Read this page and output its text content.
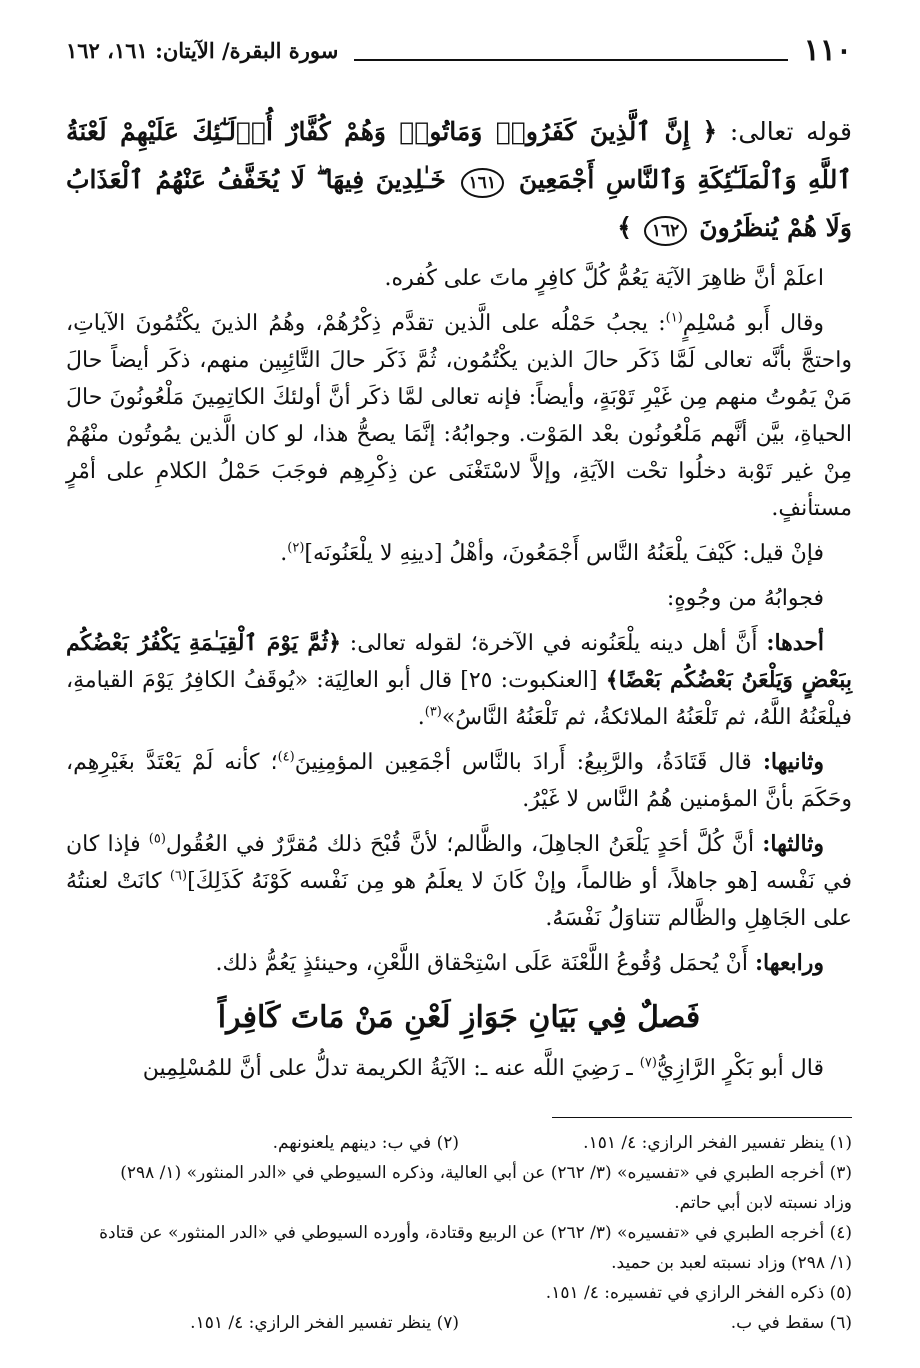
١١٠
سورة البقرة/ الآيتان: ١٦١، ١٦٢
قوله تعالى: ﴿ إِنَّ ٱلَّذِينَ كَفَرُوا۟ وَمَاتُوا۟ وَهُمْ كُفَّارٌ أُو۟لَـٰٓئِكَ عَلَيْهِمْ لَعْنَةُ ٱللَّهِ وَٱلْمَلَـٰٓئِكَةِ وَٱلنَّاسِ أَجْمَعِينَ ١٦١ خَـٰلِدِينَ فِيهَا ۖ لَا يُخَفَّفُ عَنْهُمُ ٱلْعَذَابُ وَلَا هُمْ يُنظَرُونَ ١٦٢ ﴾

اعلَمْ أنَّ ظاهِرَ الآيَة يَعُمُّ كُلَّ كافِرٍ ماتَ على كُفره.

وقال أَبو مُسْلِمٍ$^{(١)}$: يجبُ حَمْلُه على الَّذين تقدَّم ذِكْرُهُمْ، وهُمُ الذينَ يكْتُمُونَ الآياتِ، واحتجَّ بأنَّه تعالى لَمَّا ذَكَر حالَ الذين يكْتُمُون، ثُمَّ ذَكَر حالَ التَّائِبِين منهم، ذكَر أيضاً حالَ مَنْ يَمُوتُ منهم مِن غَيْرِ تَوْبَةٍ، وأيضاً: فإنه تعالى لمَّا ذكَر أنَّ أولئكَ الكاتِمِينَ مَلْعُونُونَ حالَ الحياةِ، بيَّن أنَّهم مَلْعُونُون بعْد المَوْت. وجوابُهُ: إنَّمَا يصحُّ هذا، لو كان الَّذين يمُوتُون منْهُمْ مِنْ غير تَوْبة دخلُوا تحْت الآيَةِ، وإلاَّ لاسْتَغْنَى عن ذِكْرِهِم فوجَبَ حَمْلُ الكلامِ على أمْرٍ مستأنفٍ.

فإنْ قيل: كَيْفَ يلْعَنُهُ النَّاس أَجْمَعُونَ، وأهْلُ [دينِهِ لا يلْعَنُونَه]$^{(٢)}$.

فجوابُهُ من وجُوهٍ:

أحدها: أَنَّ أهل دينه يلْعَنُونه في الآخرة؛ لقوله تعالى: ﴿ثُمَّ يَوْمَ ٱلْقِيَـٰمَةِ يَكْفُرُ بَعْضُكُم بِبَعْضٍ وَيَلْعَنُ بَعْضُكُم بَعْضًا﴾ [العنكبوت: ٢٥] قال أبو العالِيَة: «يُوقَفُ الكافِرُ يَوْمَ القيامةِ، فيلْعَنُهُ اللَّهُ، ثم تَلْعَنُهُ الملائكةُ، ثم تَلْعَنُهُ النَّاسُ»$^{(٣)}$.

وثانيها: قال قَتَادَةُ، والرَّبِيعُ: أَرادَ بالنَّاس أجْمَعِين المؤمِنِينَ$^{(٤)}$؛ كأنه لَمْ يَعْتَدَّ بغَيْرِهِم، وحَكَمَ بأنَّ المؤمنين هُمُ النَّاس لا غَيْرُ.

وثالثها: أنَّ كُلَّ أحَدٍ يَلْعَنُ الجاهِلَ، والظَّالم؛ لأنَّ قُبْحَ ذلك مُقرَّرٌ في العُقُول$^{(٥)}$ فإذا كان في نَفْسه [هو جاهلاً، أو ظالماً، وإنْ كَانَ لا يعلَمُ هو مِن نَفْسه كَوْنَهُ كَذَلِكَ]$^{(٦)}$ كانَتْ لعنتُهُ على الجَاهِلِ والظَّالم تتناوَلُ نَفْسَهُ.

ورابعها: أَنْ يُحمَل وُقُوعُ اللَّعْنَة عَلَى اسْتِحْقاق اللَّعْنِ، وحينئذٍ يَعُمُّ ذلك.

فَصلٌ فِي بَيَانِ جَوَازِ لَعْنِ مَنْ مَاتَ كَافِراً

قال أبو بَكْرٍ الرَّازِيُّ$^{(٧)}$ ـ رَضِيَ اللَّه عنه ـ: الآيَةُ الكريمة تدلُّ على أنَّ للمُسْلِمِين

(١) ينظر تفسير الفخر الرازي: ٤/ ١٥١.
(٢) في ب: دينهم يلعنونهم.

(٣) أخرجه الطبري في «تفسيره» (٣/ ٢٦٢) عن أبي العالية، وذكره السيوطي في «الدر المنثور» (١/ ٢٩٨)

وزاد نسبته لابن أبي حاتم.

(٤) أخرجه الطبري في «تفسيره» (٣/ ٢٦٢) عن الربيع وقتادة، وأورده السيوطي في «الدر المنثور» عن قتادة

(١/ ٢٩٨) وزاد نسبته لعبد بن حميد.

(٥) ذكره الفخر الرازي في تفسيره: ٤/ ١٥١.

(٦) سقط في ب.
(٧) ينظر تفسير الفخر الرازي: ٤/ ١٥١.
